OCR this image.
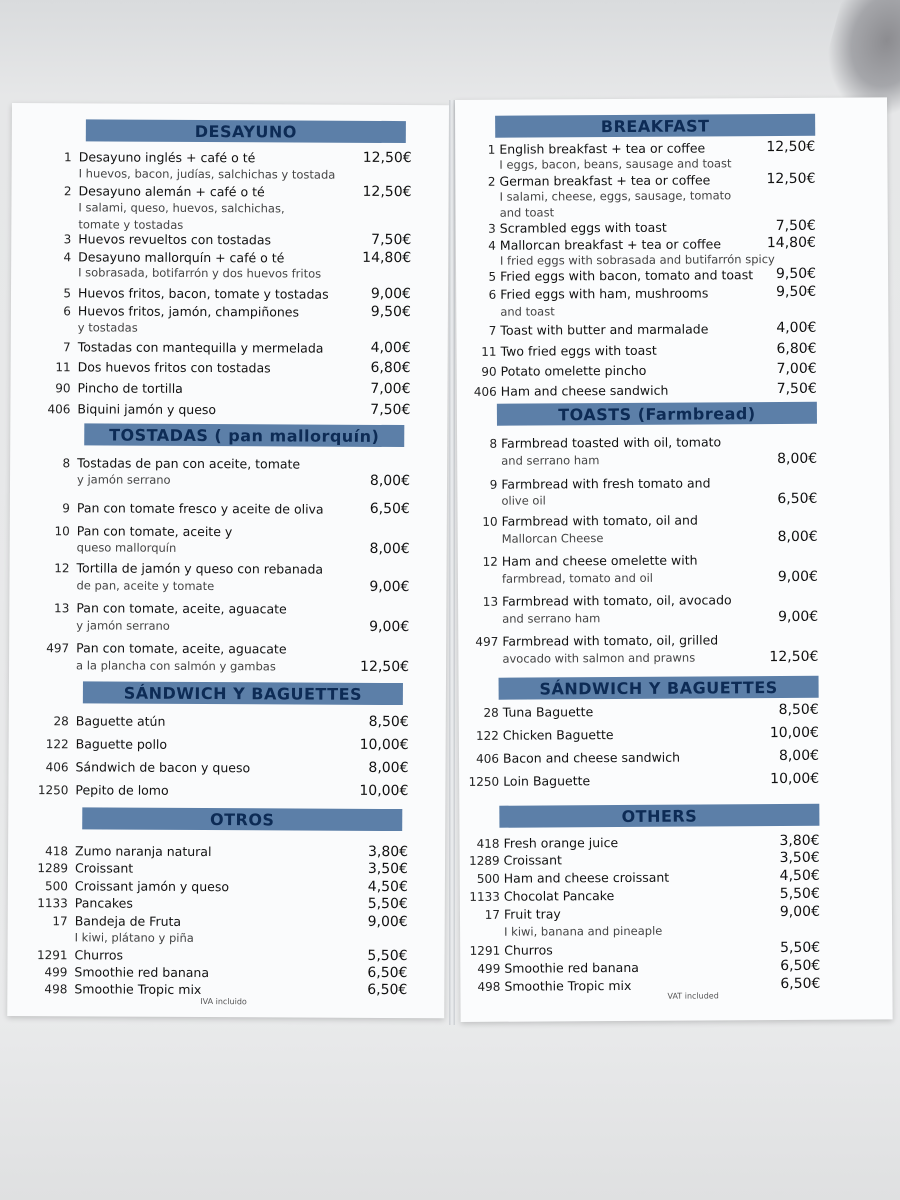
DESAYUNO
1 Desayuno inglés + café o té
I huevos, bacon, judías, salchichas y tostada
12,50€
2 Desayuno alemán + café o té
I salami, queso, huevos, salchichas,
tomate y tostadas
12,50€
3 Huevos revueltos con tostadas	7,50€
4 Desayuno mallorquín + café o té
I sobrasada, botifarrón y dos huevos fritos
14,80€
5 Huevos fritos, bacon, tomate y tostadas	9,00€
6 Huevos fritos, jamón, champiñones
y tostadas
9,50€
7 Tostadas con mantequilla y mermelada	4,00€
11 Dos huevos fritos con tostadas	6,80€
90 Pincho de tortilla	7,00€
406 Biquini jamón y queso	7,50€
TOSTADAS ( pan mallorquín)
8 Tostadas de pan con aceite, tomate
y jamón serrano	8,00€
9 Pan con tomate fresco y aceite de oliva	6,50€
10 Pan con tomate, aceite y
queso mallorquín	8,00€
12 Tortilla de jamón y queso con rebanada
de pan, aceite y tomate	9,00€
13 Pan con tomate, aceite, aguacate
y jamón serrano	9,00€
497 Pan con tomate, aceite, aguacate
a la plancha con salmón y gambas	12,50€
SÁNDWICH Y BAGUETTES
28 Baguette atún	8,50€
122 Baguette pollo	10,00€
406 Sándwich de bacon y queso	8,00€
1250 Pepito de lomo	10,00€
OTROS
418 Zumo naranja natural	3,80€
1289 Croissant	3,50€
500 Croissant jamón y queso	4,50€
1133 Pancakes	5,50€
17 Bandeja de Fruta
I kiwi, plátano y piña
9,00€
1291 Churros	5,50€
499 Smoothie red banana	6,50€
498 Smoothie Tropic mix	6,50€
IVA incluido
BREAKFAST
1 English breakfast + tea or coffee
I eggs, bacon, beans, sausage and toast
12,50€
2 German breakfast + tea or coffee
I salami, cheese, eggs, sausage, tomato
and toast
12,50€
3 Scrambled eggs with toast	7,50€
4 Mallorcan breakfast + tea or coffee
I fried eggs with sobrasada and butifarrón spicy
14,80€
5 Fried eggs with bacon, tomato and toast 9,50€
6 Fried eggs with ham, mushrooms
and toast
9,50€
7 Toast with butter and marmalade	4,00€
11 Two fried eggs with toast	6,80€
90 Potato omelette pincho	7,00€
406 Ham and cheese sandwich	7,50€
TOASTS (Farmbread)
8 Farmbread toasted with oil, tomato
and serrano ham	8,00€
9 Farmbread with fresh tomato and
olive oil	6,50€
10 Farmbread with tomato, oil and
Mallorcan Cheese	8,00€
12 Ham and cheese omelette with
farmbread, tomato and oil	9,00€
13 Farmbread with tomato, oil, avocado
and serrano ham	9,00€
497 Farmbread with tomato, oil, grilled
avocado with salmon and prawns	12,50€
SÁNDWICH Y BAGUETTES
28 Tuna Baguette	8,50€
122 Chicken Baguette	10,00€
406 Bacon and cheese sandwich	8,00€
1250 Loin Baguette	10,00€
OTHERS
418 Fresh orange juice	3,80€
1289 Croissant	3,50€
500 Ham and cheese croissant	4,50€
1133 Chocolat Pancake	5,50€
17 Fruit tray
I kiwi, banana and pineaple
9,00€
1291 Churros	5,50€
499 Smoothie red banana	6,50€
498 Smoothie Tropic mix	6,50€
VAT included
